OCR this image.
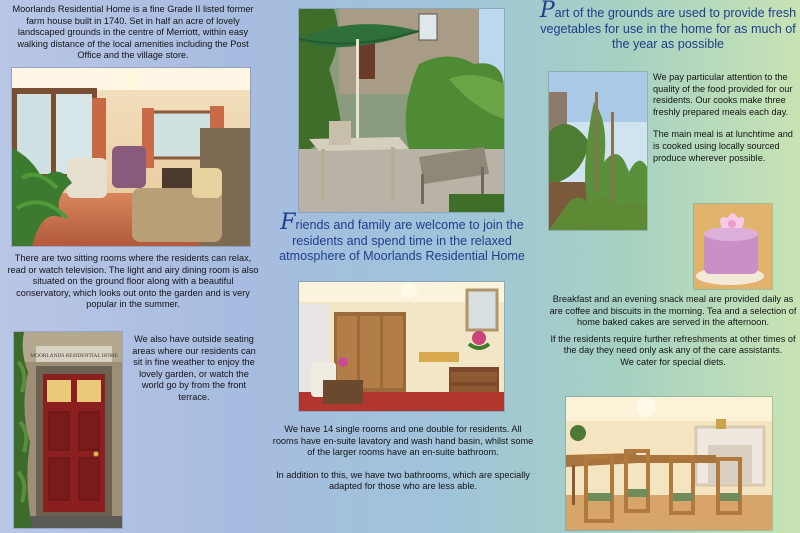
Moorlands Residential Home is a fine Grade II listed former farm house built in 1740. Set in half an acre of lovely landscaped grounds in the centre of Merriott, within easy walking distance of the local amenities including the Post Office and the village store.
There are two sitting rooms where the residents can relax, read or watch television. The light and airy dining room is also situated on the ground floor along with a beautiful conservatory, which looks out onto the garden and is very popular in the summer.
MOORLANDS RESIDENTIAL HOME
We also have outside seating areas where our residents can sit in fine weather to enjoy the lovely garden, or watch the world go by from the front terrace.
Friends and family are welcome to join the residents and spend time in the relaxed atmosphere of Moorlands Residential Home
We have 14 single rooms and one double for residents. All rooms have en-suite lavatory and wash hand basin, whilst some of the larger rooms have an en-suite bathroom.
In addition to this, we have two bathrooms, which are specially adapted for those who are less able.
Part of the grounds are used to provide fresh vegetables for use in the home for as much of the year as possible
We pay particular attention to the quality of the food provided for our residents. Our cooks make three freshly prepared meals each day.
The main meal is at lunchtime and is cooked using locally sourced produce wherever possible.
Breakfast and an evening snack meal are provided daily as are coffee and biscuits in the morning. Tea and a selection of home baked cakes are served in the afternoon.
If the residents require further refreshments at other times of the day they need only ask any of the care assistants.
We cater for special diets.
